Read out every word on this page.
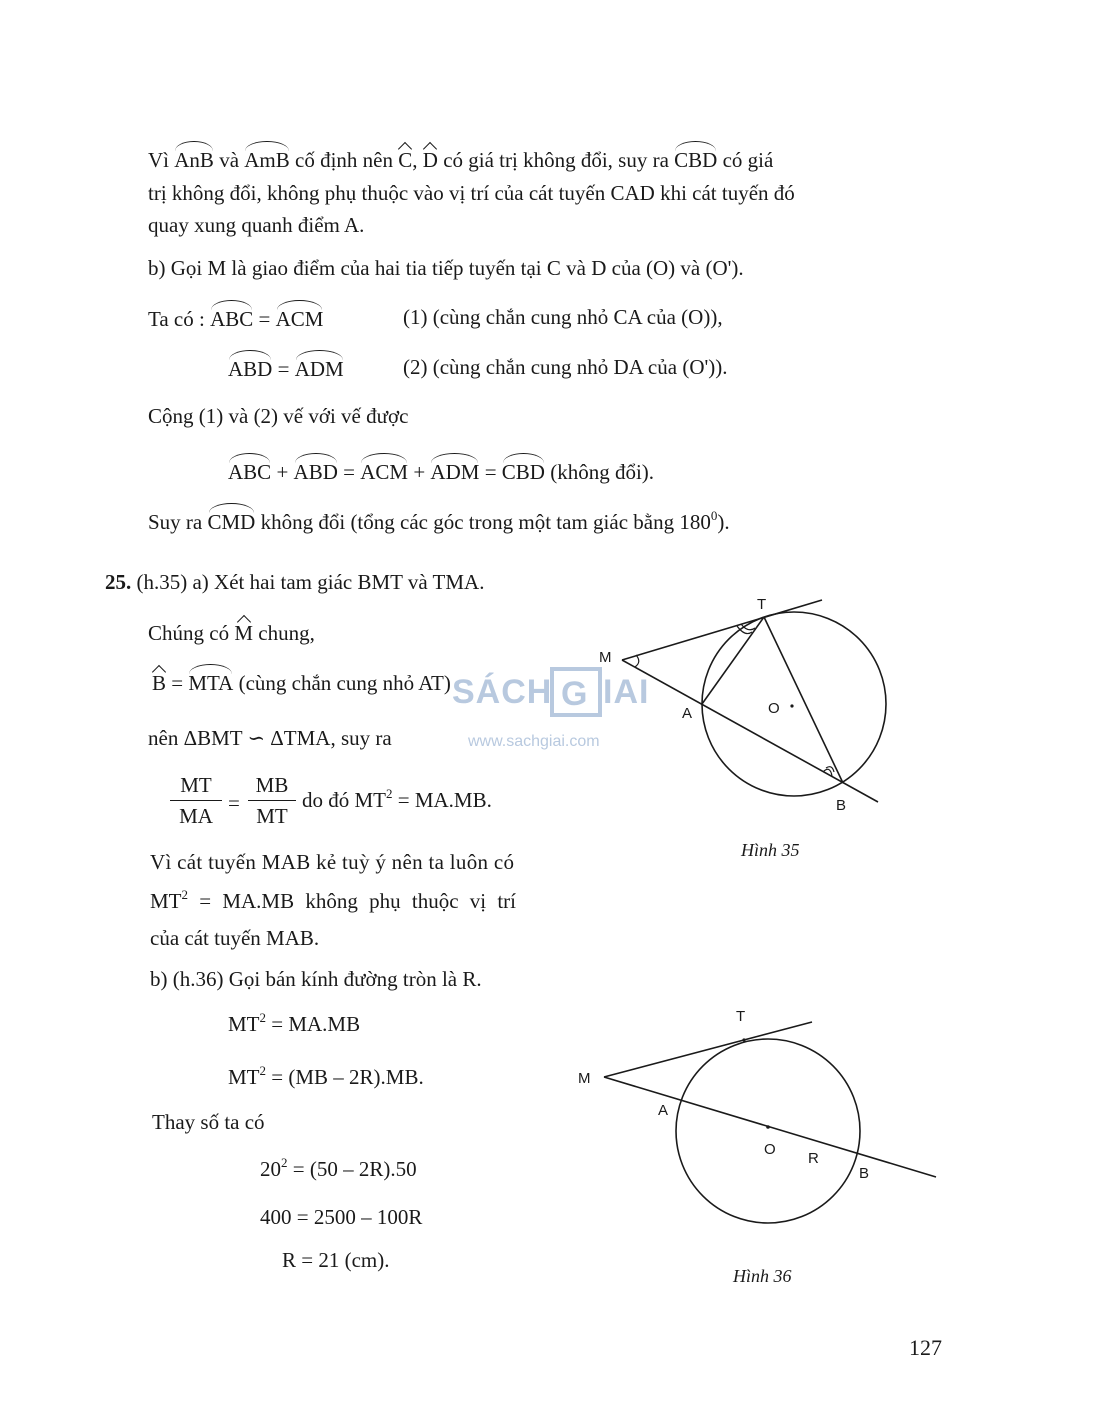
Vì AnB và AmB cố định nên C, D có giá trị không đổi, suy ra CBD có giá
trị không đổi, không phụ thuộc vào vị trí của cát tuyến CAD khi cát tuyến đó
quay xung quanh điểm A.
b) Gọi M là giao điểm của hai tia tiếp tuyến tại C và D của (O) và (O').
Ta có : ABC = ACM	(1) (cùng chắn cung nhỏ CA của (O)),
ABD = ADM	(2) (cùng chắn cung nhỏ DA của (O')).
Cộng (1) và (2) vế với vế được
ABC + ABD = ACM + ADM = CBD (không đổi).
Suy ra CMD không đổi (tổng các góc trong một tam giác bằng $180^0$).
25. (h.35) a) Xét hai tam giác BMT và TMA.
Chúng có M chung,
B = MTA (cùng chắn cung nhỏ AT)
nên ΔBMT ∽ ΔTMA, suy ra
$\frac{MT}{MA} = \frac{MB}{MT}$ do đó $MT^2 = MA.MB$.
Vì cát tuyến MAB kẻ tuỳ ý nên ta luôn có
$MT^2 = MA.MB$ không phụ thuộc vị trí
của cát tuyến MAB.
b) (h.36) Gọi bán kính đường tròn là R.
$MT^2 = MA.MB$
$MT^2 = (MB - 2R).MB$.
Thay số ta có
$20^2 = (50 - 2R).50$
400 = 2500 – 100R
R = 21 (cm).
T
M
A	O
B
Hình 35
SÁCH G IAI
www.sachgiai.com
T
M
A
O
R
B
Hình 36
127
